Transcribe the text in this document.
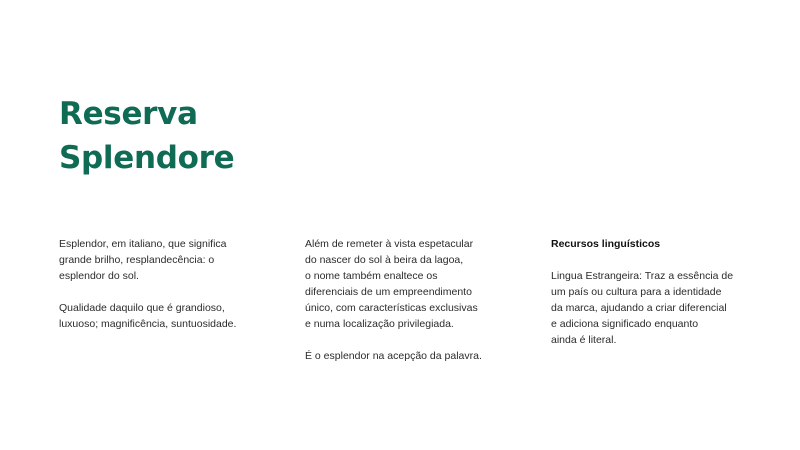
Reserva
Splendore

Esplendor, em italiano, que significa
grande brilho, resplandecência: o
esplendor do sol.

Qualidade daquilo que é grandioso,
luxuoso; magnificência, suntuosidade.

Além de remeter à vista espetacular
do nascer do sol à beira da lagoa,
o nome também enaltece os
diferenciais de um empreendimento
único, com características exclusivas
e numa localização privilegiada.

É o esplendor na acepção da palavra.

Recursos linguísticos

Lingua Estrangeira: Traz a essência de
um país ou cultura para a identidade
da marca, ajudando a criar diferencial
e adiciona significado enquanto
ainda é literal.
